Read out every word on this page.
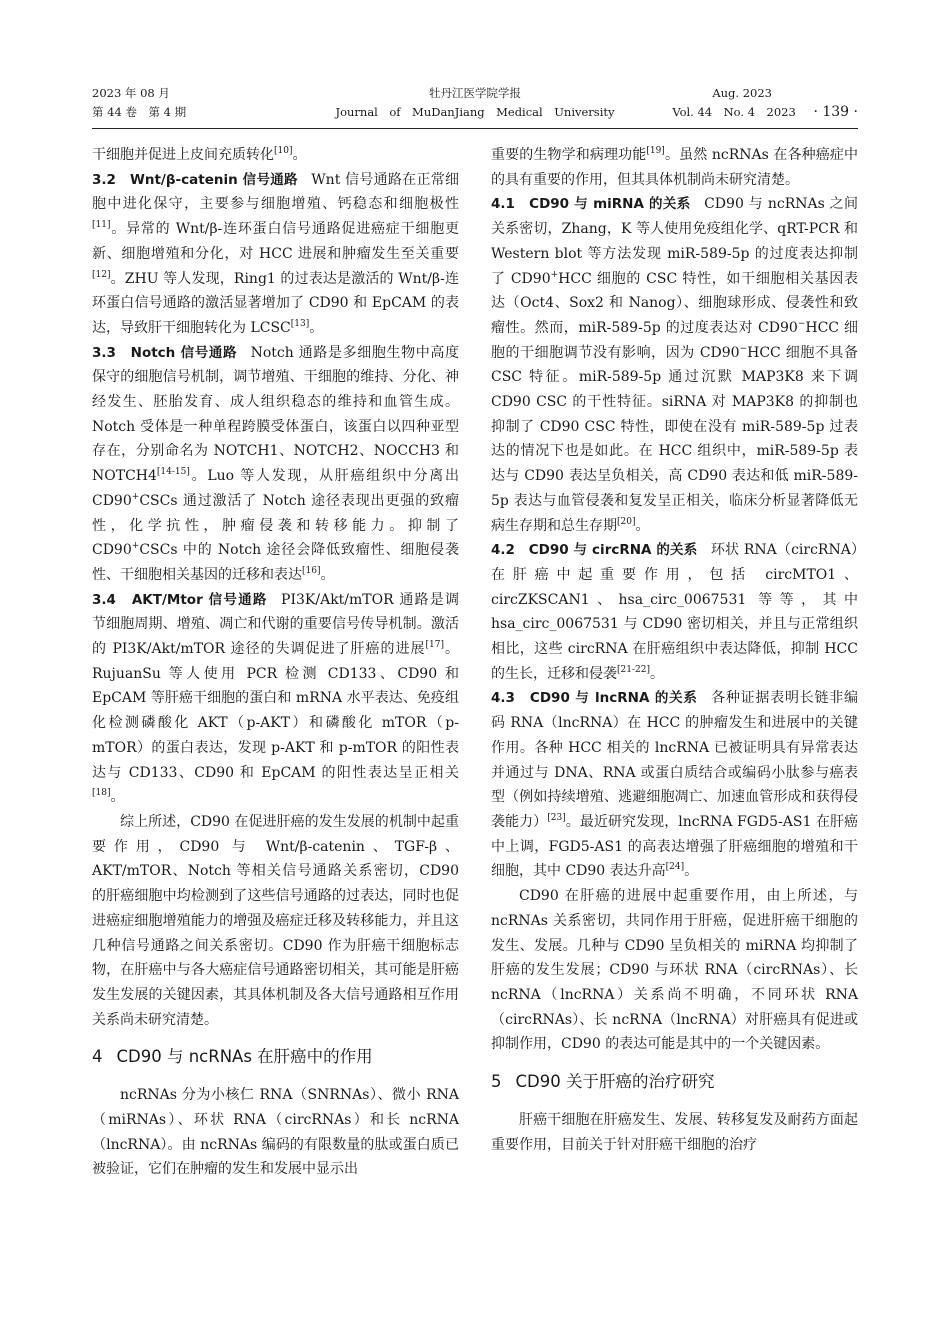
2023 年 08 月
第 44 卷　第 4 期
牡丹江医学院学报
Journal　of　MuDanJiang　Medical　University
Aug. 2023
Vol. 44　No. 4　2023 · 139 ·

干细胞并促进上皮间充质转化[10]。

3.2　Wnt/β-catenin 信号通路 Wnt 信号通路在正常细胞中进化保守，主要参与细胞增殖、钙稳态和细胞极性[11]。异常的 Wnt/β-连环蛋白信号通路促进癌症干细胞更新、细胞增殖和分化，对 HCC 进展和肿瘤发生至关重要[12]。ZHU 等人发现，Ring1 的过表达是激活的 Wnt/β-连环蛋白信号通路的激活显著增加了 CD90 和 EpCAM 的表达，导致肝干细胞转化为 LCSC[13]。

3.3　Notch 信号通路 Notch 通路是多细胞生物中高度保守的细胞信号机制，调节增殖、干细胞的维持、分化、神经发生、胚胎发育、成人组织稳态的维持和血管生成。Notch 受体是一种单程跨膜受体蛋白，该蛋白以四种亚型存在，分别命名为 NOTCH1、NOTCH2、NOCCH3 和 NOTCH4[14-15]。Luo 等人发现，从肝癌组织中分离出 CD90+CSCs 通过激活了 Notch 途径表现出更强的致瘤性，化学抗性，肿瘤侵袭和转移能力。抑制了 CD90+CSCs 中的 Notch 途径会降低致瘤性、细胞侵袭性、干细胞相关基因的迁移和表达[16]。

3.4　AKT/Mtor 信号通路 PI3K/Akt/mTOR 通路是调节细胞周期、增殖、凋亡和代谢的重要信号传导机制。激活的 PI3K/Akt/mTOR 途径的失调促进了肝癌的进展[17]。RujuanSu 等人使用 PCR 检测 CD133、CD90 和 EpCAM 等肝癌干细胞的蛋白和 mRNA 水平表达、免疫组化检测磷酸化 AKT（p-AKT）和磷酸化 mTOR（p-mTOR）的蛋白表达，发现 p-AKT 和 p-mTOR 的阳性表达与 CD133、CD90 和 EpCAM 的阳性表达呈正相关[18]。

综上所述，CD90 在促进肝癌的发生发展的机制中起重要作用，CD90 与 Wnt/β-catenin、TGF-β、AKT/mTOR、Notch 等相关信号通路关系密切，CD90 的肝癌细胞中均检测到了这些信号通路的过表达，同时也促进癌症细胞增殖能力的增强及癌症迁移及转移能力，并且这几种信号通路之间关系密切。CD90 作为肝癌干细胞标志物，在肝癌中与各大癌症信号通路密切相关，其可能是肝癌发生发展的关键因素，其具体机制及各大信号通路相互作用关系尚未研究清楚。

4 CD90 与 ncRNAs 在肝癌中的作用

ncRNAs 分为小核仁 RNA（SNRNAs）、微小 RNA（miRNAs）、环状 RNA（circRNAs）和长 ncRNA（lncRNA）。由 ncRNAs 编码的有限数量的肽或蛋白质已被验证，它们在肿瘤的发生和发展中显示出

重要的生物学和病理功能[19]。虽然 ncRNAs 在各种癌症中的具有重要的作用，但其具体机制尚未研究清楚。

4.1　CD90 与 miRNA 的关系 CD90 与 ncRNAs 之间关系密切，Zhang，K 等人使用免疫组化学、qRT-PCR 和 Western blot 等方法发现 miR-589-5p 的过度表达抑制了 CD90+HCC 细胞的 CSC 特性，如干细胞相关基因表达（Oct4、Sox2 和 Nanog）、细胞球形成、侵袭性和致瘤性。然而，miR-589-5p 的过度表达对 CD90−HCC 细胞的干细胞调节没有影响，因为 CD90−HCC 细胞不具备 CSC 特征。miR-589-5p 通过沉默 MAP3K8 来下调 CD90 CSC 的干性特征。siRNA 对 MAP3K8 的抑制也抑制了 CD90 CSC 特性，即使在没有 miR-589-5p 过表达的情况下也是如此。在 HCC 组织中，miR-589-5p 表达与 CD90 表达呈负相关，高 CD90 表达和低 miR-589-5p 表达与血管侵袭和复发呈正相关，临床分析显著降低无病生存期和总生存期[20]。

4.2　CD90 与 circRNA 的关系 环状 RNA（circRNA）在肝癌中起重要作用，包括 circMTO1、circZKSCAN1、hsa_circ_0067531 等等，其中 hsa_circ_0067531 与 CD90 密切相关，并且与正常组织相比，这些 circRNA 在肝癌组织中表达降低，抑制 HCC 的生长，迁移和侵袭[21-22]。

4.3　CD90 与 lncRNA 的关系 各种证据表明长链非编码 RNA（lncRNA）在 HCC 的肿瘤发生和进展中的关键作用。各种 HCC 相关的 lncRNA 已被证明具有异常表达并通过与 DNA、RNA 或蛋白质结合或编码小肽参与癌表型（例如持续增殖、逃避细胞凋亡、加速血管形成和获得侵袭能力）[23]。最近研究发现，lncRNA FGD5-AS1 在肝癌中上调，FGD5-AS1 的高表达增强了肝癌细胞的增殖和干细胞，其中 CD90 表达升高[24]。

CD90 在肝癌的进展中起重要作用，由上所述，与 ncRNAs 关系密切，共同作用于肝癌，促进肝癌干细胞的发生、发展。几种与 CD90 呈负相关的 miRNA 均抑制了肝癌的发生发展；CD90 与环状 RNA（circRNAs）、长 ncRNA（lncRNA）关系尚不明确，不同环状 RNA（circRNAs）、长 ncRNA（lncRNA）对肝癌具有促进或抑制作用，CD90 的表达可能是其中的一个关键因素。

5 CD90 关于肝癌的治疗研究

肝癌干细胞在肝癌发生、发展、转移复发及耐药方面起重要作用，目前关于针对肝癌干细胞的治疗
